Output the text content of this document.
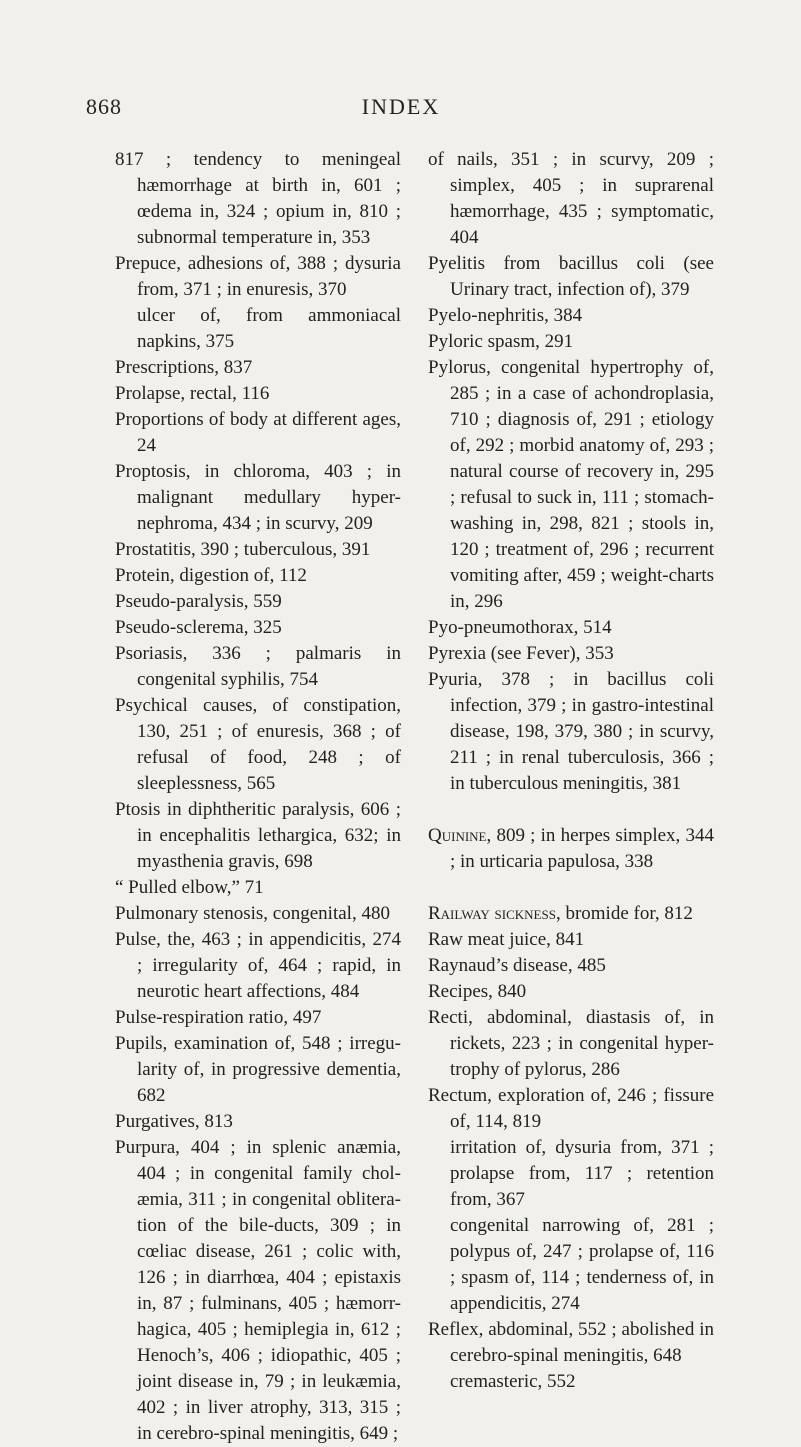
868	INDEX

817 ; tendency to meningeal hæmorrhage at birth in, 601 ; œdema in, 324 ; opium in, 810 ; subnormal temperature in, 353

Prepuce, adhesions of, 388 ; dysuria from, 371 ; in enuresis, 370

ulcer of, from ammoniacal napkins, 375

Prescriptions, 837

Prolapse, rectal, 116

Proportions of body at different ages, 24

Proptosis, in chloroma, 403 ; in malignant medullary hyper-nephroma, 434 ; in scurvy, 209

Prostatitis, 390 ; tuberculous, 391

Protein, digestion of, 112

Pseudo-paralysis, 559

Pseudo-sclerema, 325

Psoriasis, 336 ; palmaris in congenital syphilis, 754

Psychical causes, of constipation, 130, 251 ; of enuresis, 368 ; of refusal of food, 248 ; of sleeplessness, 565

Ptosis in diphtheritic paralysis, 606 ; in encephalitis lethargica, 632; in myasthenia gravis, 698

“ Pulled elbow,” 71

Pulmonary stenosis, congenital, 480

Pulse, the, 463 ; in appendicitis, 274 ; irregularity of, 464 ; rapid, in neurotic heart affections, 484

Pulse-respiration ratio, 497

Pupils, examination of, 548 ; irregu-larity of, in progressive dementia, 682

Purgatives, 813

Purpura, 404 ; in splenic anæmia, 404 ; in congenital family chol-æmia, 311 ; in congenital oblitera-tion of the bile-ducts, 309 ; in cœliac disease, 261 ; colic with, 126 ; in diarrhœa, 404 ; epistaxis in, 87 ; fulminans, 405 ; hæmorr-hagica, 405 ; hemiplegia in, 612 ; Henoch’s, 406 ; idiopathic, 405 ; joint disease in, 79 ; in leukæmia, 402 ; in liver atrophy, 313, 315 ; in cerebro-spinal meningitis, 649 ;

of nails, 351 ; in scurvy, 209 ; simplex, 405 ; in suprarenal hæmorrhage, 435 ; symptomatic, 404

Pyelitis from bacillus coli (see Urinary tract, infection of), 379

Pyelo-nephritis, 384

Pyloric spasm, 291

Pylorus, congenital hypertrophy of, 285 ; in a case of achondroplasia, 710 ; diagnosis of, 291 ; etiology of, 292 ; morbid anatomy of, 293 ; natural course of recovery in, 295 ; refusal to suck in, 111 ; stomach-washing in, 298, 821 ; stools in, 120 ; treatment of, 296 ; recurrent vomiting after, 459 ; weight-charts in, 296

Pyo-pneumothorax, 514

Pyrexia (see Fever), 353

Pyuria, 378 ; in bacillus coli infection, 379 ; in gastro-intestinal disease, 198, 379, 380 ; in scurvy, 211 ; in renal tuberculosis, 366 ; in tuberculous meningitis, 381

Quinine, 809 ; in herpes simplex, 344 ; in urticaria papulosa, 338

Railway sickness, bromide for, 812

Raw meat juice, 841

Raynaud’s disease, 485

Recipes, 840

Recti, abdominal, diastasis of, in rickets, 223 ; in congenital hyper-trophy of pylorus, 286

Rectum, exploration of, 246 ; fissure of, 114, 819

irritation of, dysuria from, 371 ; prolapse from, 117 ; retention from, 367

congenital narrowing of, 281 ; polypus of, 247 ; prolapse of, 116 ; spasm of, 114 ; tenderness of, in appendicitis, 274

Reflex, abdominal, 552 ; abolished in cerebro-spinal meningitis, 648

cremasteric, 552
